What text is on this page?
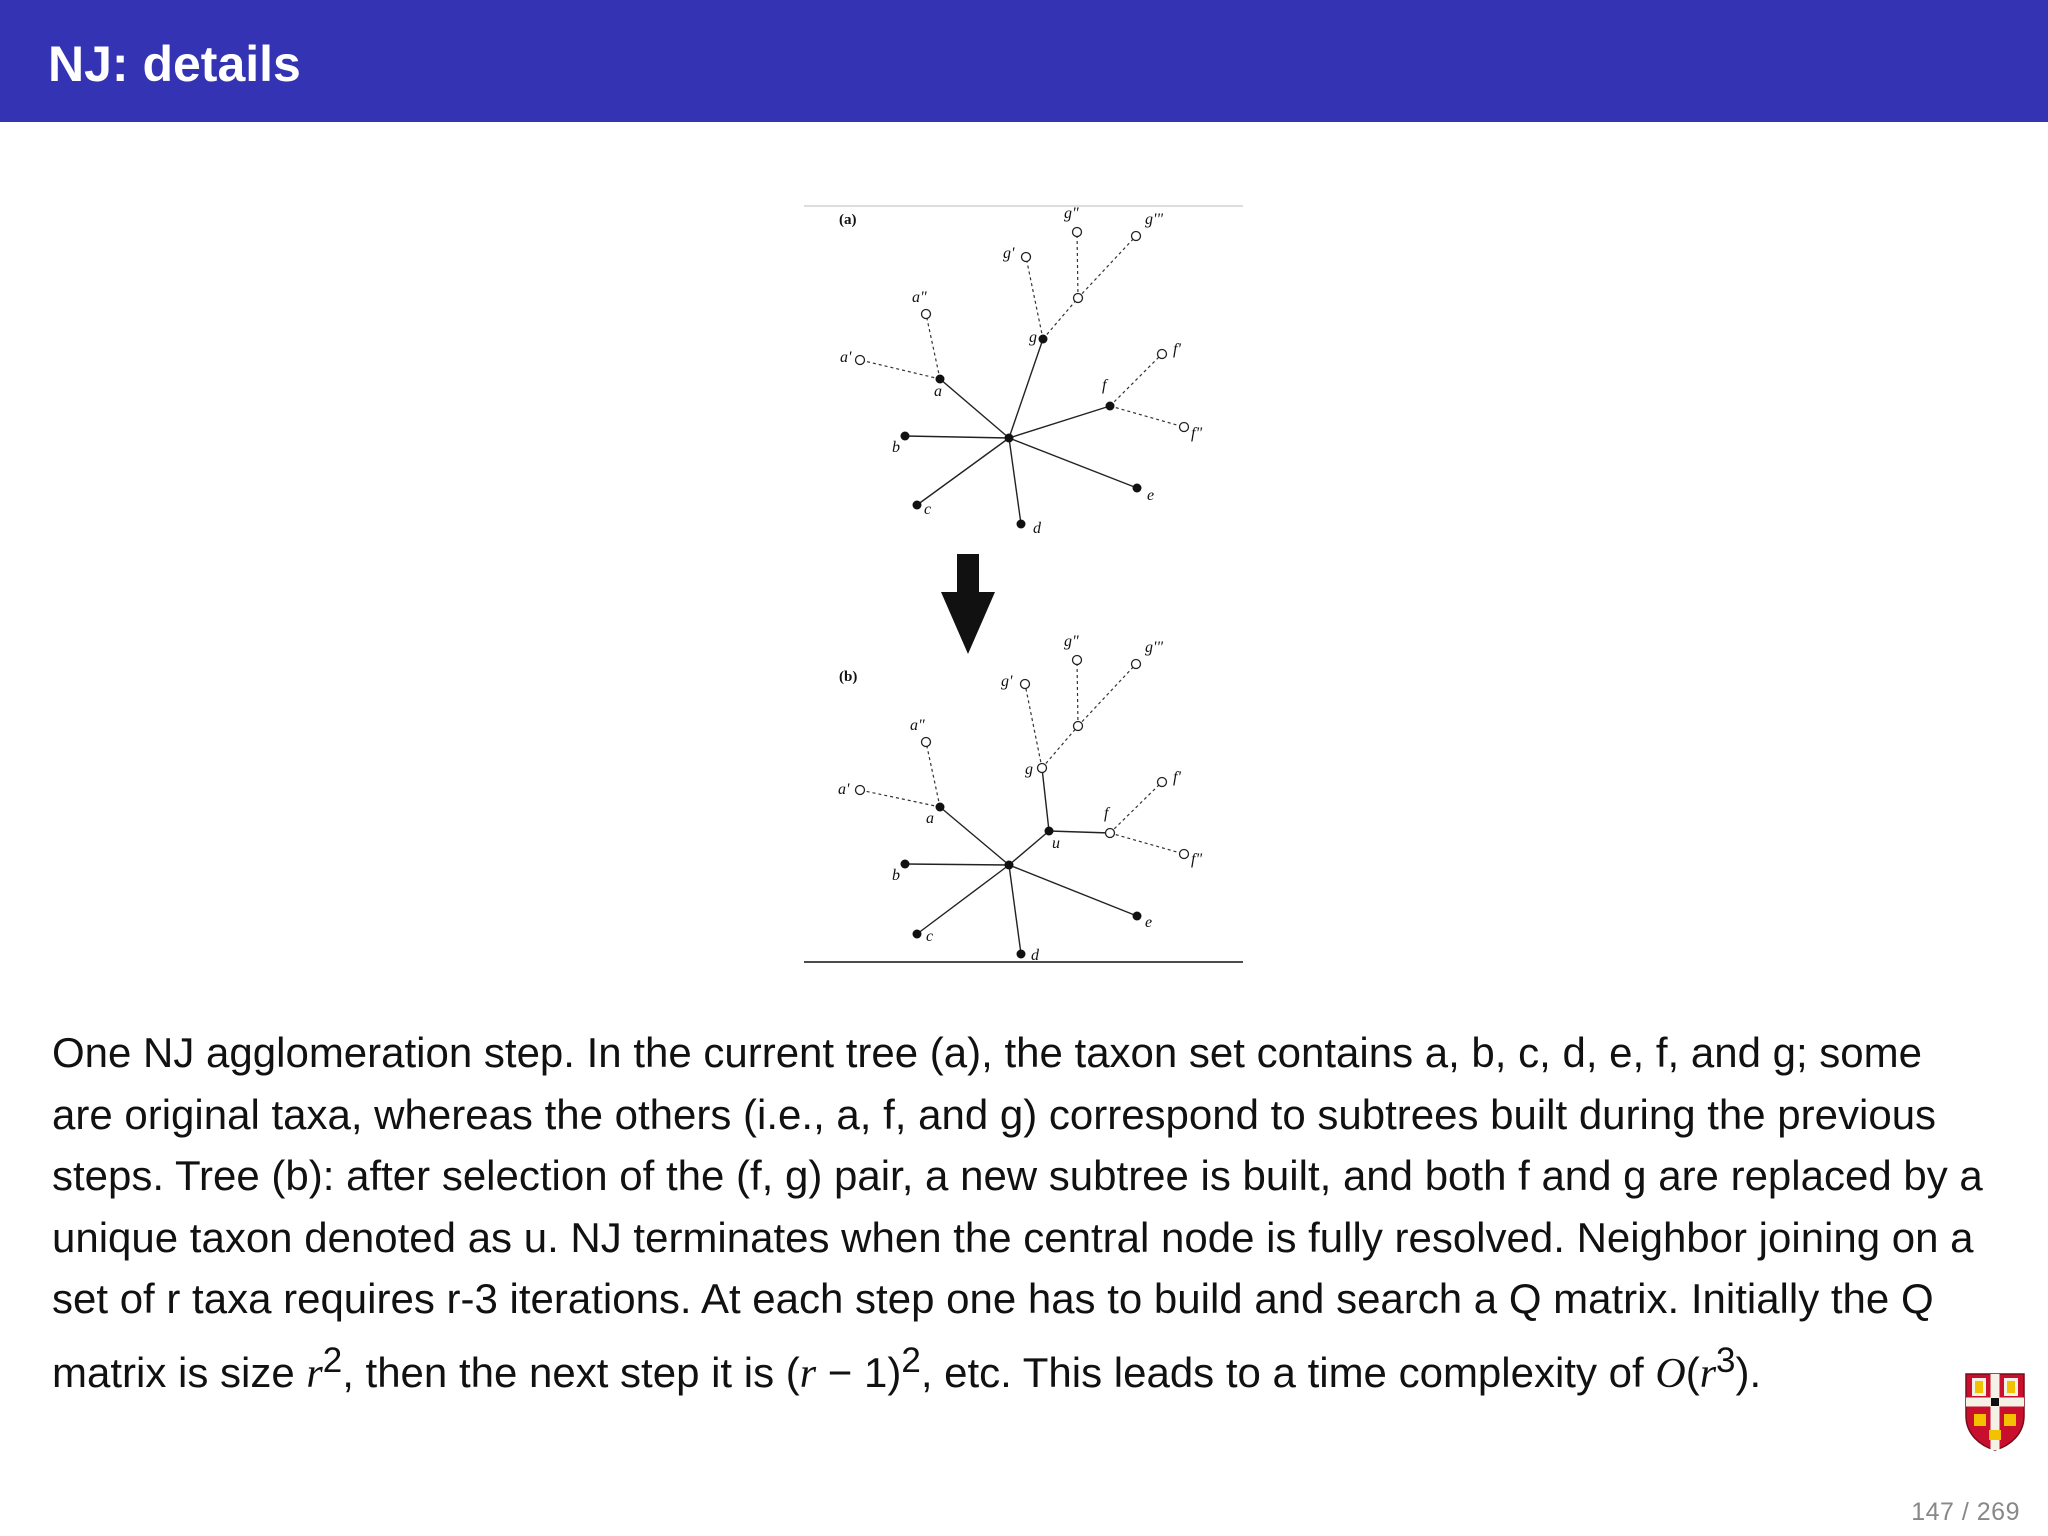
NJ: details
(a)
a
a'
a"
b
c
d
e
f
f'
f"
g
g'
g"	g'"
(b)
a
a'
a"
b
c
d
e
f
f'
f"
g
g'
g"	g'"
u

One NJ agglomeration step. In the current tree (a), the taxon set contains a, b, c, d, e, f, and g; some are original taxa, whereas the others (i.e., a, f, and g) correspond to subtrees built during the previous steps. Tree (b): after selection of the (f, g) pair, a new subtree is built, and both f and g are replaced by a unique taxon denoted as u. NJ terminates when the central node is fully resolved. Neighbor joining on a set of r taxa requires r-3 iterations. At each step one has to build and search a Q matrix. Initially the Q matrix is size $r^2$, then the next step it is $(r - 1)^2$, etc. This leads to a time complexity of $O(r^3)$.

147 / 269
